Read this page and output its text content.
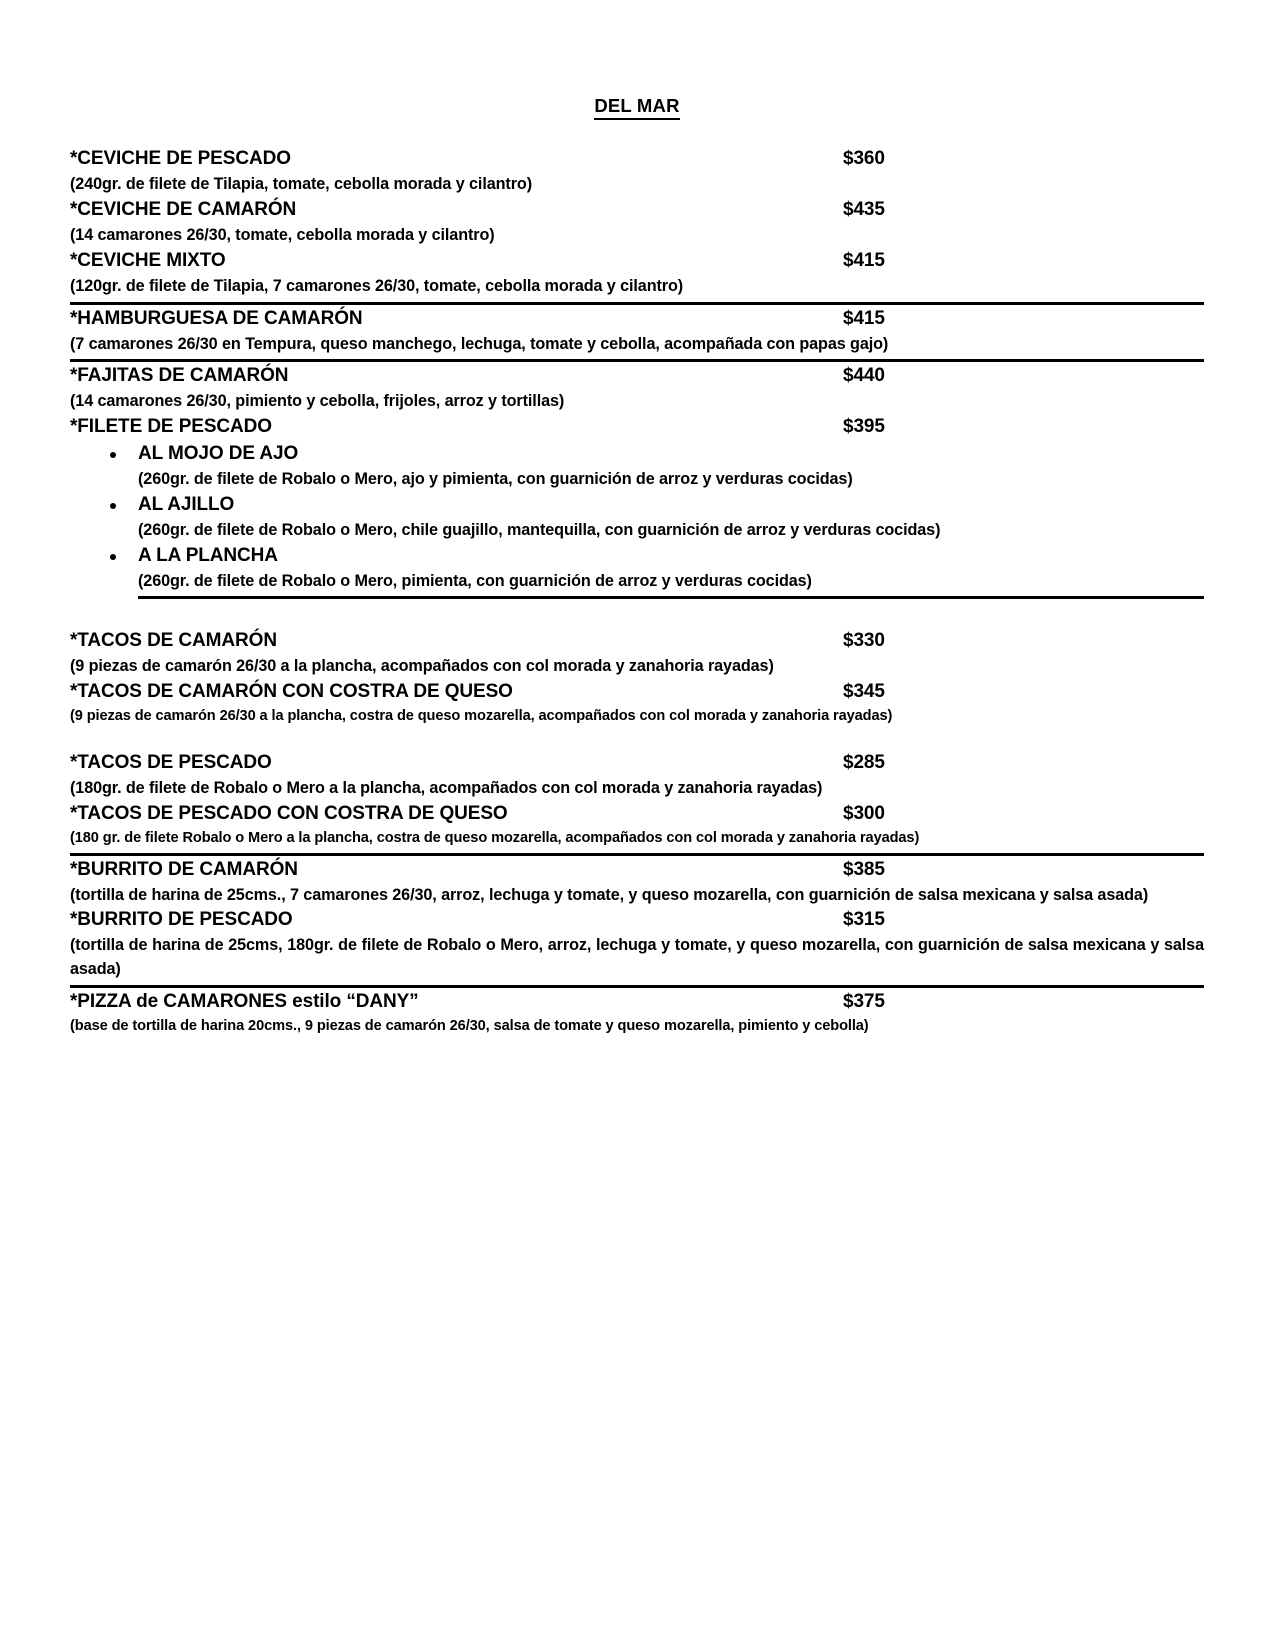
DEL MAR
*CEVICHE DE PESCADO	$360
(240gr. de filete de Tilapia, tomate, cebolla morada y cilantro)
*CEVICHE DE CAMARÓN	$435
(14 camarones 26/30, tomate, cebolla morada y cilantro)
*CEVICHE MIXTO	$415
(120gr. de filete de Tilapia, 7 camarones 26/30, tomate, cebolla morada y cilantro)
*HAMBURGUESA DE CAMARÓN	$415
(7 camarones 26/30 en Tempura, queso manchego, lechuga, tomate y cebolla, acompañada con papas gajo)
*FAJITAS DE CAMARÓN	$440
(14 camarones 26/30, pimiento y cebolla, frijoles, arroz y tortillas)
*FILETE DE PESCADO	$395
AL MOJO DE AJO
(260gr. de filete de Robalo o Mero, ajo y pimienta, con guarnición de arroz y verduras cocidas)
AL AJILLO
(260gr. de filete de Robalo o Mero, chile guajillo, mantequilla, con guarnición de arroz y verduras cocidas)
A LA PLANCHA
(260gr. de filete de Robalo o Mero, pimienta, con guarnición de arroz y verduras cocidas)
*TACOS DE CAMARÓN	$330
(9 piezas de camarón 26/30 a la plancha, acompañados con col morada y zanahoria rayadas)
*TACOS DE CAMARÓN CON COSTRA DE QUESO	$345
(9 piezas de camarón 26/30 a la plancha, costra de queso mozarella, acompañados con col morada y zanahoria rayadas)
*TACOS DE PESCADO	$285
(180gr. de filete de Robalo o Mero a la plancha, acompañados con col morada y zanahoria rayadas)
*TACOS DE PESCADO CON COSTRA DE QUESO	$300
(180 gr. de filete Robalo o Mero a la plancha, costra de queso mozarella, acompañados con col morada y zanahoria rayadas)
*BURRITO DE CAMARÓN	$385
(tortilla de harina de 25cms., 7 camarones 26/30, arroz, lechuga y tomate, y queso mozarella, con guarnición de salsa mexicana y salsa asada)
*BURRITO DE PESCADO	$315
(tortilla de harina de 25cms, 180gr. de filete de Robalo o Mero, arroz, lechuga y tomate, y queso mozarella, con guarnición de salsa mexicana y salsa asada)
*PIZZA de CAMARONES estilo “DANY”	$375
(base de tortilla de harina 20cms., 9 piezas de camarón 26/30, salsa de tomate y queso mozarella, pimiento y cebolla)
